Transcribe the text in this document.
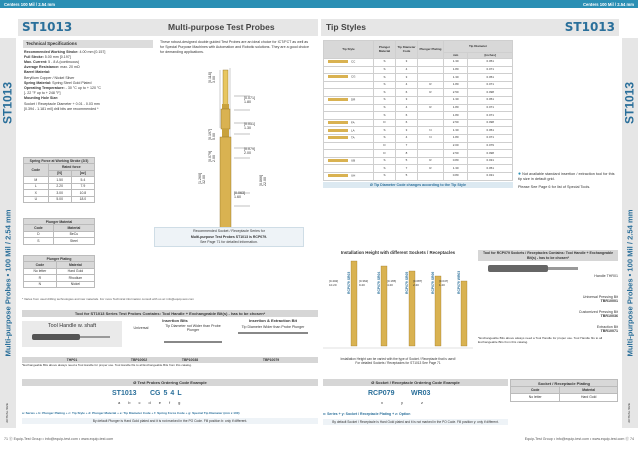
Centers 100 Mil / 2.54 mm	Centers 100 Mil / 2.54 mm
ST1013	Multi-purpose Test Probes	Tip Styles	ST1013
ST1013
Multi-purpose Probes • 100 Mil / 2.54 mm
ACTUAL SIZE
ST1013
Multi-purpose Probes • 100 Mil / 2.54 mm
ACTUAL SIZE
Technical Specifications
Recommended Working Stroke: 4.00 mm [0.157]
Full Stroke: 5.00 mm [0.197]
Max. Current: 5 - 8 A (continuous)
Average Resistance: max. 20 mΩ
Barrel Material:
Beryllium Copper / Nickel Silver
Spring Material: Spring Steel Gold Plated
Operating Temperature: - 30 °C up to + 120 °C
[- 22 °F up to + 248 °F]
Mounting Hole Size:
Socket / Receptacle Diameter + 0.01 - 0.03 mm
[0.394 - 1.181 mil] drill bits are recommended *
These robust-designed double guided Test Probes are an ideal choice for ICT/FCT as well as for Special Purpose Machines with Automation and Robotic solutions. They are a good choice for demanding applications.
Spring Force at Working Stroke (2/3)		
Code	Rated force	
	[N]	[oz]
M	1.50	5.4
L	2.20	7.9
X	3.00	10.8
U	5.00	18.0
Plunger Material	
Code	Material
D	BeCu
S	Steel
Plunger Plating	
Code	Material
No letter	Hard Gold
R	Rhodium
N	Nickel
[0.118]
3.00
[0.071]
1.80
[0.197]
5.00
[0.051]
1.30
[0.079]
2.00
[0.079]
2.00
[1.260]
32.00
[0.063]
1.60
[0.866]
22.00
Recommended Socket / Receptacle Series for
Multi-purpose Test Probes ST1013 is RCP079.
See Page 71 for detailed information.
* Varies from used drilling technologies and raw materials. For more Technical information consult with us at: info@equip-test.com
Tool for ST1013 Series Test Probes Contains: Tool Handle + Exchangeable Bit(s) - has to be chosen*
Tool Handle w. shaft
Insertion Bits
Universal	Tip Diameter not Wider than Probe Plunger
Insertion & Extraction Bit
Tip Diameter Wider than Probe Plunger
THP01	TBP10002	TBP10038	TBP10079
*Exchangeable Bits above always need a Tool Handle for proper use. Tool Handle fits to all Exchangeable Bits from this catalog.
Ø Test Probes Ordering Code Example
ST1013 CG 5 4 L
a b c d e f g
a: Series + b: Plunger Plating + c: Tip Style + d: Plunger Material + e: Tip Diameter Code + f: Spring Force Code + g: Special Tip Diameter (mm x 100)
By default Plunger is Hard Gold plated and it is not marked in the PO Code. Fill position b: only if different.
Tip Style	Plunger Material	Tip Diameter Code	Plunger Plating	Tip Diameter	
				mm	[inches]
CC	S	3		1.30	0.051
	S	4		1.80	0.071
CG	S	3		1.30	0.051
	S	4	R	1.80	0.071
	S	6	R	2.50	0.098
DR	S	3		1.30	0.051
	S	4	R	1.80	0.071
	S	6		1.80	0.071
FA	D	6		2.50	0.098
LA	S	3	N	1.30	0.051
TA	S	4	N	1.80	0.071
	D	7		2.00	0.079
	D	8		2.50	0.098
UB	S	5	R	0.80	0.031
	S	7	R	1.30	0.051
UH	S	5		0.80	0.031
Ø Tip Diameter Code changes according to the Tip Style
● Not available standard insertion / extraction tool for this tip size in default grid.
Please See Page 6 for list of Special Tools.
Installation Height with different Sockets / Receptacles
[0.402]
10.20
[0.362]
9.20
[0.165]
4.20
[0.087]
2.20
[0.047]
1.20
RCP079 SR03	RCP079 SR04	RCP079 SR05	RCP079 SR06	RCP079 WR03
Installation Height can be varied with the type of Socket / Receptacle that is used!
For detailed Sockets / Receptacles for ST1013 See Page 71
Tool for RCP079 Sockets / Receptacles Contains: Tool Handle + Exchangeable Bit(s) - has to be chosen*
Handle THR01
Universal Pressing Bit
TBR10001
Customized Pressing Bit
TBR10036
Extraction Bit
TBR10071
*Exchangeable Bits above always need a Tool Handle for proper use. Tool Handle fits to all Exchangeable Bits from this catalog.
Ø Socket / Receptacle Ordering Code Example
RCP079 WR03
x	y	z
x: Series + y: Socket / Receptacle Plating + z: Option
By default Socket / Receptacle is Hard Gold plated and it is not marked in the PO Code. Fill position y: only if different.
Socket / Receptacle Plating	
Code	Material
No letter	Hard Gold
71 Ⓔ Equip-Test Group • info@equip-test.com • www.equip-test.com	Equip-Test Group • info@equip-test.com • www.equip-test.com Ⓔ 74
